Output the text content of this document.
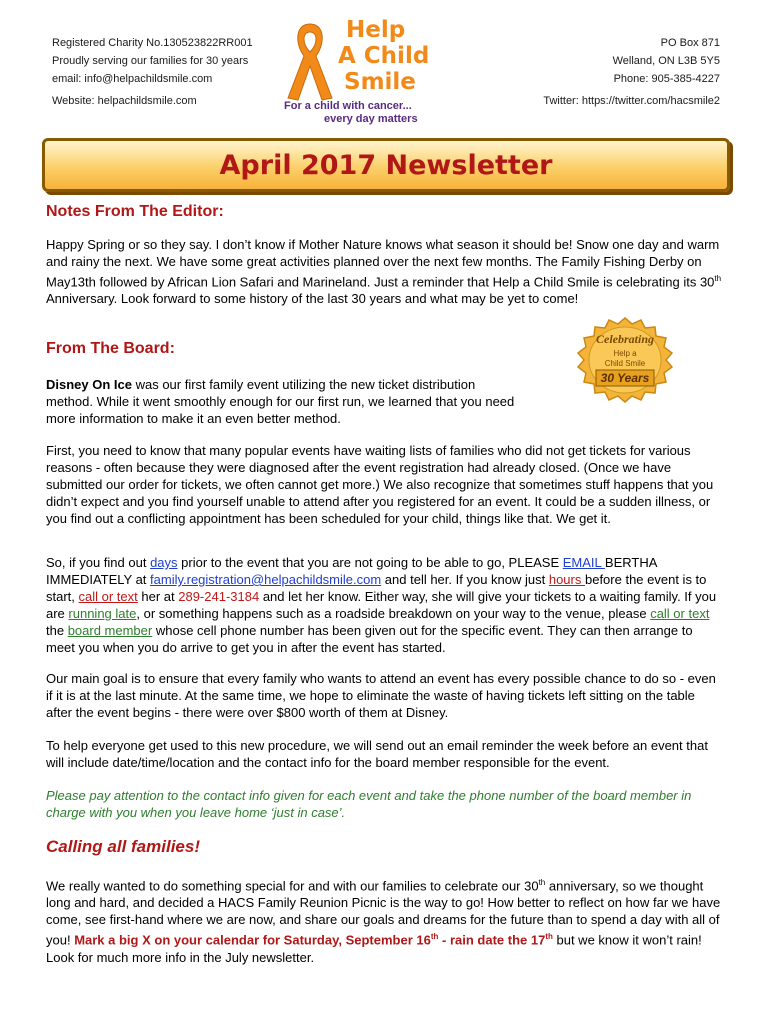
Registered Charity No.130523822RR001
Proudly serving our families for 30 years
email: info@helpachildsmile.com
Website: helpachildsmile.com
Help
A Child
Smile
For a child with cancer...
every day matters
PO Box 871
Welland, ON L3B 5Y5
Phone: 905-385-4227
Twitter: https://twitter.com/hacsmile2
April 2017 Newsletter
Notes From The Editor:

Happy Spring or so they say. I don’t know if Mother Nature knows what season it should be! Snow one day and warm and rainy the next. We have some great activities planned over the next few months. The Family Fishing Derby on May13th followed by African Lion Safari and Marineland. Just a reminder that Help a Child Smile is celebrating its 30th Anniversary. Look forward to some history of the last 30 years and what may be yet to come!

Celebrating
Help a
Child Smile
30 Years
From The Board:

Disney On Ice was our first family event utilizing the new ticket distribution method. While it went smoothly enough for our first run, we learned that you need more information to make it an even better method.

First, you need to know that many popular events have waiting lists of families who did not get tickets for various reasons - often because they were diagnosed after the event registration had already closed. (Once we have submitted our order for tickets, we often cannot get more.) We also recognize that sometimes stuff happens that you didn’t expect and you find yourself unable to attend after you registered for an event. It could be a sudden illness, or you find out a conflicting appointment has been scheduled for your child, things like that. We get it.

So, if you find out days prior to the event that you are not going to be able to go, PLEASE EMAIL BERTHA IMMEDIATELY at family.registration@helpachildsmile.com and tell her. If you know just hours before the event is to start, call or text her at 289-241-3184 and let her know. Either way, she will give your tickets to a waiting family. If you are running late, or something happens such as a roadside breakdown on your way to the venue, please call or text the board member whose cell phone number has been given out for the specific event. They can then arrange to meet you when you do arrive to get you in after the event has started.

Our main goal is to ensure that every family who wants to attend an event has every possible chance to do so - even if it is at the last minute. At the same time, we hope to eliminate the waste of having tickets left sitting on the table after the event begins - there were over $800 worth of them at Disney.

To help everyone get used to this new procedure, we will send out an email reminder the week before an event that will include date/time/location and the contact info for the board member responsible for the event.

Please pay attention to the contact info given for each event and take the phone number of the board member in charge with you when you leave home ‘just in case’.

Calling all families!

We really wanted to do something special for and with our families to celebrate our 30th anniversary, so we thought long and hard, and decided a HACS Family Reunion Picnic is the way to go! How better to reflect on how far we have come, see first-hand where we are now, and share our goals and dreams for the future than to spend a day with all of you! Mark a big X on your calendar for Saturday, September 16th - rain date the 17th but we know it won’t rain! Look for much more info in the July newsletter.
